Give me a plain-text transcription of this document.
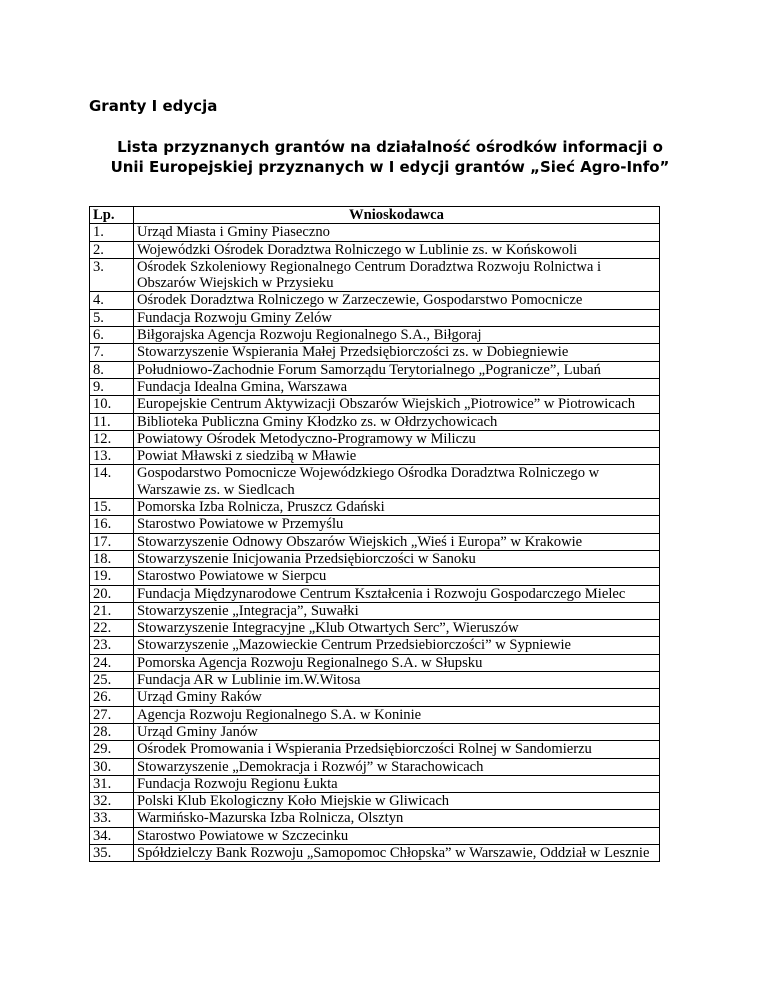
Granty I edycja
Lista przyznanych grantów na działalność ośrodków informacji o Unii Europejskiej przyznanych w I edycji grantów „Sieć Agro-Info”
Lp.	Wnioskodawca
1.	Urząd Miasta i Gminy Piaseczno
2.	Wojewódzki Ośrodek Doradztwa Rolniczego w Lublinie zs. w Końskowoli
3.	Ośrodek Szkoleniowy Regionalnego Centrum Doradztwa Rozwoju Rolnictwa i Obszarów Wiejskich w Przysieku
4.	Ośrodek Doradztwa Rolniczego w Zarzeczewie, Gospodarstwo Pomocnicze
5.	Fundacja Rozwoju Gminy Zelów
6.	Biłgorajska Agencja Rozwoju Regionalnego S.A., Biłgoraj
7.	Stowarzyszenie Wspierania Małej Przedsiębiorczości zs. w Dobiegniewie
8.	Południowo-Zachodnie Forum Samorządu Terytorialnego „Pogranicze”, Lubań
9.	Fundacja Idealna Gmina, Warszawa
10.	Europejskie Centrum Aktywizacji Obszarów Wiejskich „Piotrowice” w Piotrowicach
11.	Biblioteka Publiczna Gminy Kłodzko zs. w Ołdrzychowicach
12.	Powiatowy Ośrodek Metodyczno-Programowy w Miliczu
13.	Powiat Mławski z siedzibą w Mławie
14.	Gospodarstwo Pomocnicze Wojewódzkiego Ośrodka Doradztwa Rolniczego w Warszawie zs. w Siedlcach
15.	Pomorska Izba Rolnicza, Pruszcz Gdański
16.	Starostwo Powiatowe w Przemyślu
17.	Stowarzyszenie Odnowy Obszarów Wiejskich „Wieś i Europa” w Krakowie
18.	Stowarzyszenie Inicjowania Przedsiębiorczości w Sanoku
19.	Starostwo Powiatowe w Sierpcu
20.	Fundacja Międzynarodowe Centrum Kształcenia i Rozwoju Gospodarczego Mielec
21.	Stowarzyszenie „Integracja”, Suwałki
22.	Stowarzyszenie Integracyjne „Klub Otwartych Serc”, Wieruszów
23.	Stowarzyszenie „Mazowieckie Centrum Przedsiebiorczości” w Sypniewie
24.	Pomorska Agencja Rozwoju Regionalnego S.A. w Słupsku
25.	Fundacja AR w Lublinie im.W.Witosa
26.	Urząd Gminy Raków
27.	Agencja Rozwoju Regionalnego S.A. w Koninie
28.	Urząd Gminy Janów
29.	Ośrodek Promowania i Wspierania Przedsiębiorczości Rolnej w Sandomierzu
30.	Stowarzyszenie „Demokracja i Rozwój” w Starachowicach
31.	Fundacja Rozwoju Regionu Łukta
32.	Polski Klub Ekologiczny Koło Miejskie w Gliwicach
33.	Warmińsko-Mazurska Izba Rolnicza, Olsztyn
34.	Starostwo Powiatowe w Szczecinku
35.	Spółdzielczy Bank Rozwoju „Samopomoc Chłopska” w Warszawie, Oddział w Lesznie
